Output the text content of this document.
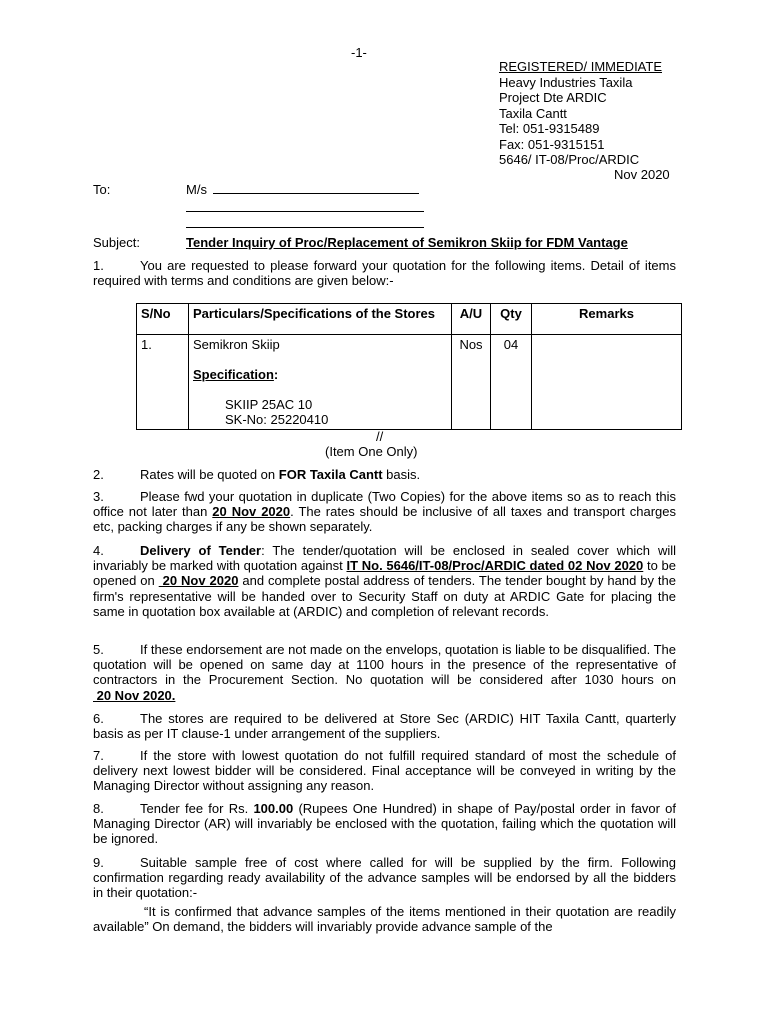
-1-
REGISTERED/ IMMEDIATE
Heavy Industries Taxila
Project Dte ARDIC
Taxila Cantt
Tel: 051-9315489
Fax: 051-9315151
5646/ IT-08/Proc/ARDIC
Nov 2020
To:	M/s
Subject:	Tender Inquiry of Proc/Replacement of Semikron Skiip for FDM Vantage
1.	You are requested to please forward your quotation for the following items. Detail of items required with terms and conditions are given below:-
S/No	Particulars/Specifications of the Stores	A/U	Qty	Remarks
1.	Semikron Skiip
Specification:
SKIIP 25AC 10
SK-No: 25220410	Nos	04	
//
(Item One Only)
2.	Rates will be quoted on FOR Taxila Cantt basis.
3.	Please fwd your quotation in duplicate (Two Copies) for the above items so as to reach this office not later than 20 Nov 2020. The rates should be inclusive of all taxes and transport charges etc, packing charges if any be shown separately.
4.	Delivery of Tender: The tender/quotation will be enclosed in sealed cover which will invariably be marked with quotation against IT No. 5646/IT-08/Proc/ARDIC dated 02 Nov 2020 to be opened on  20 Nov 2020 and complete postal address of tenders. The tender bought by hand by the firm's representative will be handed over to Security Staff on duty at ARDIC Gate for placing the same in quotation box available at (ARDIC) and completion of relevant records.
5.	If these endorsement are not made on the envelops, quotation is liable to be disqualified. The quotation will be opened on same day at 1100 hours in the presence of the representative of contractors in the Procurement Section. No quotation will be considered after 1030 hours on  20 Nov 2020.
6.	The stores are required to be delivered at Store Sec (ARDIC) HIT Taxila Cantt, quarterly basis as per IT clause-1 under arrangement of the suppliers.
7.	If the store with lowest quotation do not fulfill required standard of most the schedule of delivery next lowest bidder will be considered. Final acceptance will be conveyed in writing by the Managing Director without assigning any reason.
8.	Tender fee for Rs. 100.00 (Rupees One Hundred) in shape of Pay/postal order in favor of Managing Director (AR) will invariably be enclosed with the quotation, failing which the quotation will be ignored.
9.	Suitable sample free of cost where called for will be supplied by the firm. Following confirmation regarding ready availability of the advance samples will be endorsed by all the bidders in their quotation:-
“It is confirmed that advance samples of the items mentioned in their quotation are readily available” On demand, the bidders will invariably provide advance sample of the
